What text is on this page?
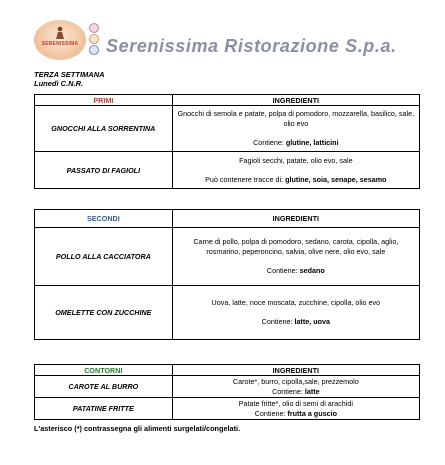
SERENISSIMA	Serenissima Ristorazione S.p.a.
TERZA SETTIMANA
Lunedì C.N.R.
PRIMI	INGREDIENTI
GNOCCHI ALLA SORRENTINA	Gnocchi di semola e patate, polpa di pomodoro, mozzarella, basilico, sale, olio evo
Contiene: glutine, latticini
PASSATO DI FAGIOLI	Fagioli secchi, patate, olio evo, sale
Può contenere tracce di: glutine, soia, senape, sesamo
SECONDI	INGREDIENTI
POLLO ALLA CACCIATORA	Carne di pollo, polpa di pomodoro, sedano, carota, cipolla, aglio, rosmarino, peperoncino, salvia, olive nere, olio evo, sale
Contiene: sedano
OMELETTE CON ZUCCHINE	Uova, latte, noce moscata, zucchine, cipolla, olio evo
Contiene: latte, uova
CONTORNI	INGREDIENTI
CAROTE AL BURRO	Carote*, burro, cipolla,sale, prezzemolo
Contiene: latte
PATATINE FRITTE	Patate fritte*, olio di semi di arachidi
Contiene: frutta a guscio
L'asterisco (*) contrassegna gli alimenti surgelati/congelati.
